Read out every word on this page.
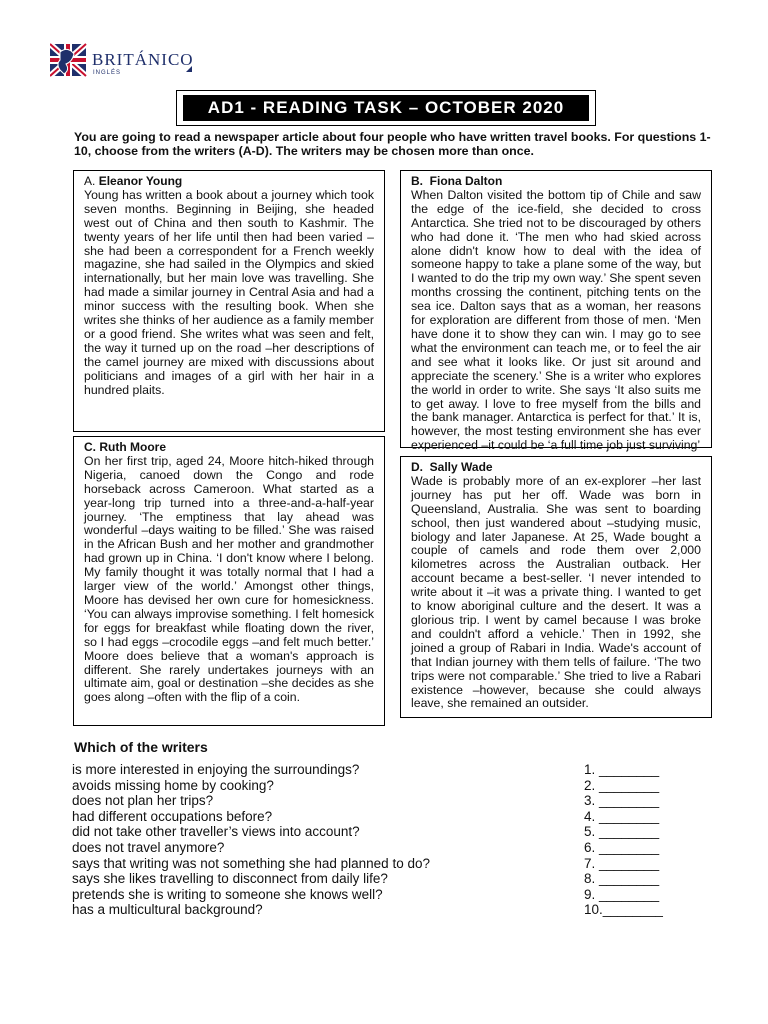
BRITÁNICO
INGLÉS
AD1 - READING TASK – OCTOBER 2020
You are going to read a newspaper article about four people who have written travel books. For questions 1-10, choose from the writers (A-D). The writers may be chosen more than once.
A. Eleanor Young
Young has written a book about a journey which took seven months. Beginning in Beijing, she headed west out of China and then south to Kashmir. The twenty years of her life until then had been varied –she had been a correspondent for a French weekly magazine, she had sailed in the Olympics and skied internationally, but her main love was travelling. She had made a similar journey in Central Asia and had a minor success with the resulting book. When she writes she thinks of her audience as a family member or a good friend. She writes what was seen and felt, the way it turned up on the road –her descriptions of the camel journey are mixed with discussions about politicians and images of a girl with her hair in a hundred plaits.
B. Fiona Dalton
When Dalton visited the bottom tip of Chile and saw the edge of the ice-field, she decided to cross Antarctica. She tried not to be discouraged by others who had done it. ‘The men who had skied across alone didn't know how to deal with the idea of someone happy to take a plane some of the way, but I wanted to do the trip my own way.’ She spent seven months crossing the continent, pitching tents on the sea ice. Dalton says that as a woman, her reasons for exploration are different from those of men. ‘Men have done it to show they can win. I may go to see what the environment can teach me, or to feel the air and see what it looks like. Or just sit around and appreciate the scenery.’ She is a writer who explores the world in order to write. She says ‘It also suits me to get away. I love to free myself from the bills and the bank manager. Antarctica is perfect for that.’ It is, however, the most testing environment she has ever experienced –it could be ‘a full time job just surviving’
C. Ruth Moore
On her first trip, aged 24, Moore hitch-hiked through Nigeria, canoed down the Congo and rode horseback across Cameroon. What started as a year-long trip turned into a three-and-a-half-year journey. ‘The emptiness that lay ahead was wonderful –days waiting to be filled.’ She was raised in the African Bush and her mother and grandmother had grown up in China. ‘I don't know where I belong. My family thought it was totally normal that I had a larger view of the world.’ Amongst other things, Moore has devised her own cure for homesickness. ‘You can always improvise something. I felt homesick for eggs for breakfast while floating down the river, so I had eggs –crocodile eggs –and felt much better.’ Moore does believe that a woman's approach is different. She rarely undertakes journeys with an ultimate aim, goal or destination –she decides as she goes along –often with the flip of a coin.
D. Sally Wade
Wade is probably more of an ex-explorer –her last journey has put her off. Wade was born in Queensland, Australia. She was sent to boarding school, then just wandered about –studying music, biology and later Japanese. At 25, Wade bought a couple of camels and rode them over 2,000 kilometres across the Australian outback. Her account became a best-seller. ‘I never intended to write about it –it was a private thing. I wanted to get to know aboriginal culture and the desert. It was a glorious trip. I went by camel because I was broke and couldn't afford a vehicle.’ Then in 1992, she joined a group of Rabari in India. Wade's account of that Indian journey with them tells of failure. ‘The two trips were not comparable.’ She tried to live a Rabari existence –however, because she could always leave, she remained an outsider.
Which of the writers
is more interested in enjoying the surroundings?	1. ________
avoids missing home by cooking?	2. ________
does not plan her trips?	3. ________
had different occupations before?	4. ________
did not take other traveller’s views into account?	5. ________
does not travel anymore?	6. ________
says that writing was not something she had planned to do?	7. ________
says she likes travelling to disconnect from daily life?	8. ________
pretends she is writing to someone she knows well?	9. ________
has a multicultural background?	10.________
